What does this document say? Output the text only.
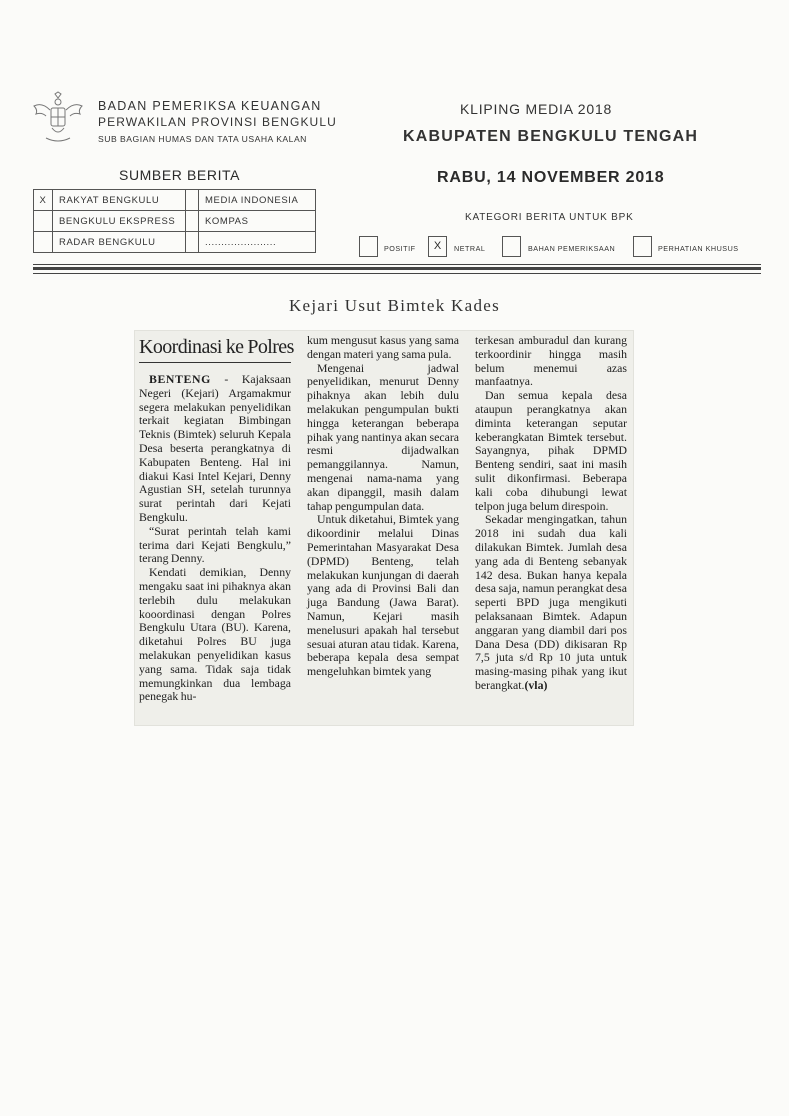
BADAN PEMERIKSA KEUANGAN
PERWAKILAN PROVINSI BENGKULU
SUB BAGIAN HUMAS DAN TATA USAHA KALAN
KLIPING MEDIA 2018
KABUPATEN BENGKULU TENGAH
SUMBER BERITA	RABU, 14 NOVEMBER 2018
X	RAKYAT BENGKULU		MEDIA INDONESIA
	BENGKULU EKSPRESS		KOMPAS
	RADAR BENGKULU		......................
KATEGORI BERITA UNTUK BPK
POSITIF	X	NETRAL	BAHAN PEMERIKSAAN	PERHATIAN KHUSUS
Kejari Usut Bimtek Kades
Koordinasi ke Polres

BENTENG - Kajaksaan Negeri (Kejari) Argamakmur segera melakukan penyelidikan terkait kegiatan Bimbingan Teknis (Bimtek) seluruh Kepala Desa beserta perangkatnya di Kabupaten Benteng. Hal ini diakui Kasi Intel Kejari, Denny Agustian SH, setelah turunnya surat perintah dari Kejati Bengkulu.

“Surat perintah telah kami terima dari Kejati Bengkulu,” terang Denny.

Kendati demikian, Denny mengaku saat ini pihaknya akan terlebih dulu melakukan kooordinasi dengan Polres Bengkulu Utara (BU). Karena, diketahui Polres BU juga melakukan penyelidikan kasus yang sama. Tidak saja tidak memungkinkan dua lembaga penegak hu-

kum mengusut kasus yang sama dengan materi yang sama pula.

Mengenai jadwal penyelidikan, menurut Denny pihaknya akan lebih dulu melakukan pengumpulan bukti hingga keterangan beberapa pihak yang nantinya akan secara resmi dijadwalkan pemanggilannya. Namun, mengenai nama-nama yang akan dipanggil, masih dalam tahap pengumpulan data.

Untuk diketahui, Bimtek yang dikoordinir melalui Dinas Pemerintahan Masyarakat Desa (DPMD) Benteng, telah melakukan kunjungan di daerah yang ada di Provinsi Bali dan juga Bandung (Jawa Barat). Namun, Kejari masih menelusuri apakah hal tersebut sesuai aturan atau tidak. Karena, beberapa kepala desa sempat mengeluhkan bimtek yang

terkesan amburadul dan kurang terkoordinir hingga masih belum menemui azas manfaatnya.

Dan semua kepala desa ataupun perangkatnya akan diminta keterangan seputar keberangkatan Bimtek tersebut. Sayangnya, pihak DPMD Benteng sendiri, saat ini masih sulit dikonfirmasi. Beberapa kali coba dihubungi lewat telpon juga belum direspoin.

Sekadar mengingatkan, tahun 2018 ini sudah dua kali dilakukan Bimtek. Jumlah desa yang ada di Benteng sebanyak 142 desa. Bukan hanya kepala desa saja, namun perangkat desa seperti BPD juga mengikuti pelaksanaan Bimtek. Adapun anggaran yang diambil dari pos Dana Desa (DD) dikisaran Rp 7,5 juta s/d Rp 10 juta untuk masing-masing pihak yang ikut berangkat.(vla)
